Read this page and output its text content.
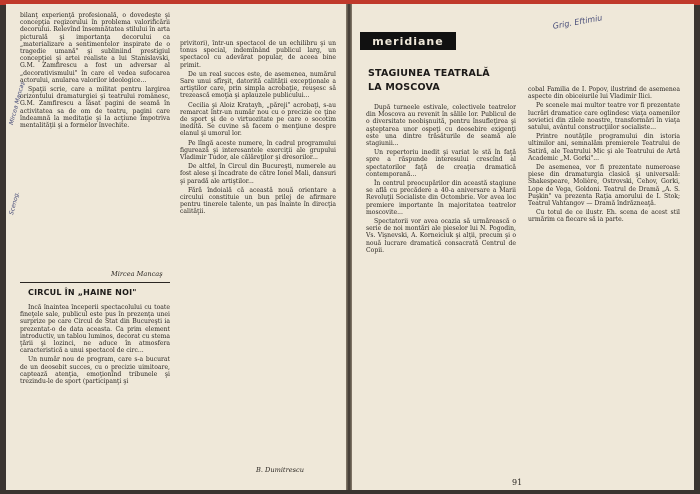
bilanţ experienţă profesională, o dovedeşte şi concepţia regizorului în problema valorificării decorului. Relevînd însemnătatea stilului în arta picturală şi importanţa decorului ca „materializare a sentimentelor inspirate de o tragedie umană" şi subliniind prestigiul concepţiei şi artei realiste a lui Stanislavski, G.M. Zamfirescu a fost un adversar al „decorativismului" în care el vedea sufocarea actorului, anularea valorilor ideologice...

Spaţii scrie, care a militat pentru largirea orizontului dramaturgiei şi teatrului românesc, G.M. Zamfirescu a lăsat pagini de seamă în activitatea sa de om de teatru, pagini care îndeamnă la meditaţie şi la acţiune împotriva mentalităţii şi a formelor învechite.

Mircea Mancaş
CIRCUL ÎN „HAINE NOI"

Încă înaintea începerii spectacolului cu toate fineţele sale, publicul este pus în prezenţa unei surprize pe care Circul de Stat din Bucureşti ia prezentat-o de data aceasta. Ca prim element introductiv, un tablou luminos, decorat cu stema ţării şi lozinci, ne aduce în atmosfera caracteristică a unui spectacol de circ...

Un număr nou de program, care s-a bucurat de un deosebit succes, cu o precizie uimitoare, captează atenţia, emoţionînd tribunele şi trezindu-le de sport (participanţi şi

privitori), într-un spectacol de un echilibru şi un tonus special, indemînând publicul larg, un spectacol cu adevărat popular, de aceea bine primit.

De un real succes este, de asemenea, numărul Sare unui sfîrşit, datorită calităţii excepţionale a artiştilor care, prin simpla acrobaţie, reuşesc să trezească emoţia şi aplauzele publicului...

Cecilia şi Aloiz Kratayh, „păreji" acrobaţi, s-au remarcat într-un număr nou cu o precizie ce ţine de sport şi de o virtuozitate pe care o socotim inedită. Se cuvine să facem o menţiune despre elanul şi umorul lor.

Pe lîngă aceste numere, în cadrul programului figurează şi interesantele exerciţii ale grupului Vladimir Tudor, ale călăreţilor şi dresorilor...

De altfel, în Circul din Bucureşti, numerele au fost alese şi încadrate de către Ionel Mali, dansuri şi paradă ale artiştilor...

Fără îndoială că această nouă orientare a circului constituie un bun prilej de afirmare pentru tinerele talente, un pas înainte în direcţia calităţii.

B. Dumitrescu
Mircea Mancaş
Scenog.
meridiane
Grig. Eftimiu
STAGIUNEA TEATRALĂ
LA MOSCOVA

După turneele estivale, colectivele teatrelor din Moscova au revenit în sălile lor. Publicul de o diversitate neobişnuită, pentru însufleţirea şi aşteptarea unor ospeţi cu deosebire exigenţi este una dintre trăsăturile de seamă ale stagiunii...

Un repertoriu inedit şi variat le stă în faţă spre a răspunde interesului crescînd al spectatorilor faţă de creaţia dramatică contemporană...

În centrul preocupărilor din această stagiune se află cu precădere a 40-a aniversare a Marii Revoluţii Socialiste din Octombrie. Vor avea loc premiere importante în majoritatea teatrelor moscovite...

Spectatorii vor avea ocazia să urmărească o serie de noi montări ale pieselor lui N. Pogodin, Vs. Vişnevski, A. Korneiciuk şi alţii, precum şi o nouă lucrare dramatică consacrată Centrul de Copii.

cobal Familia de I. Popov, ilustrind de asemenea aspecte din obiceiurile lui Vladimir Ilici.

Pe scenele mai multor teatre vor fi prezentate lucrări dramatice care oglindesc viaţa oamenilor sovietici din zilele noastre, transformări în viaţa satului, avântul construcţiilor socialiste...

Printre noutăţile programului din istoria ultimilor ani, semnalăm premierele Teatrului de Satiră, ale Teatrului Mic şi ale Teatrului de Artă Academic „M. Gorki"...

De asemenea, vor fi prezentate numeroase piese din dramaturgia clasică şi universală: Shakespeare, Molière, Ostrovski, Cehov, Gorki, Lope de Vega, Goldoni. Teatrul de Dramă „A. S. Puşkin" va prezenta Raţia amorului de I. Stok; Teatrul Vahtangov — Dramă îndrăzneaţă.

Cu totul de ce ilustr. Eh. scena de acest stil urmărim ca fiecare să ia parte.

91
